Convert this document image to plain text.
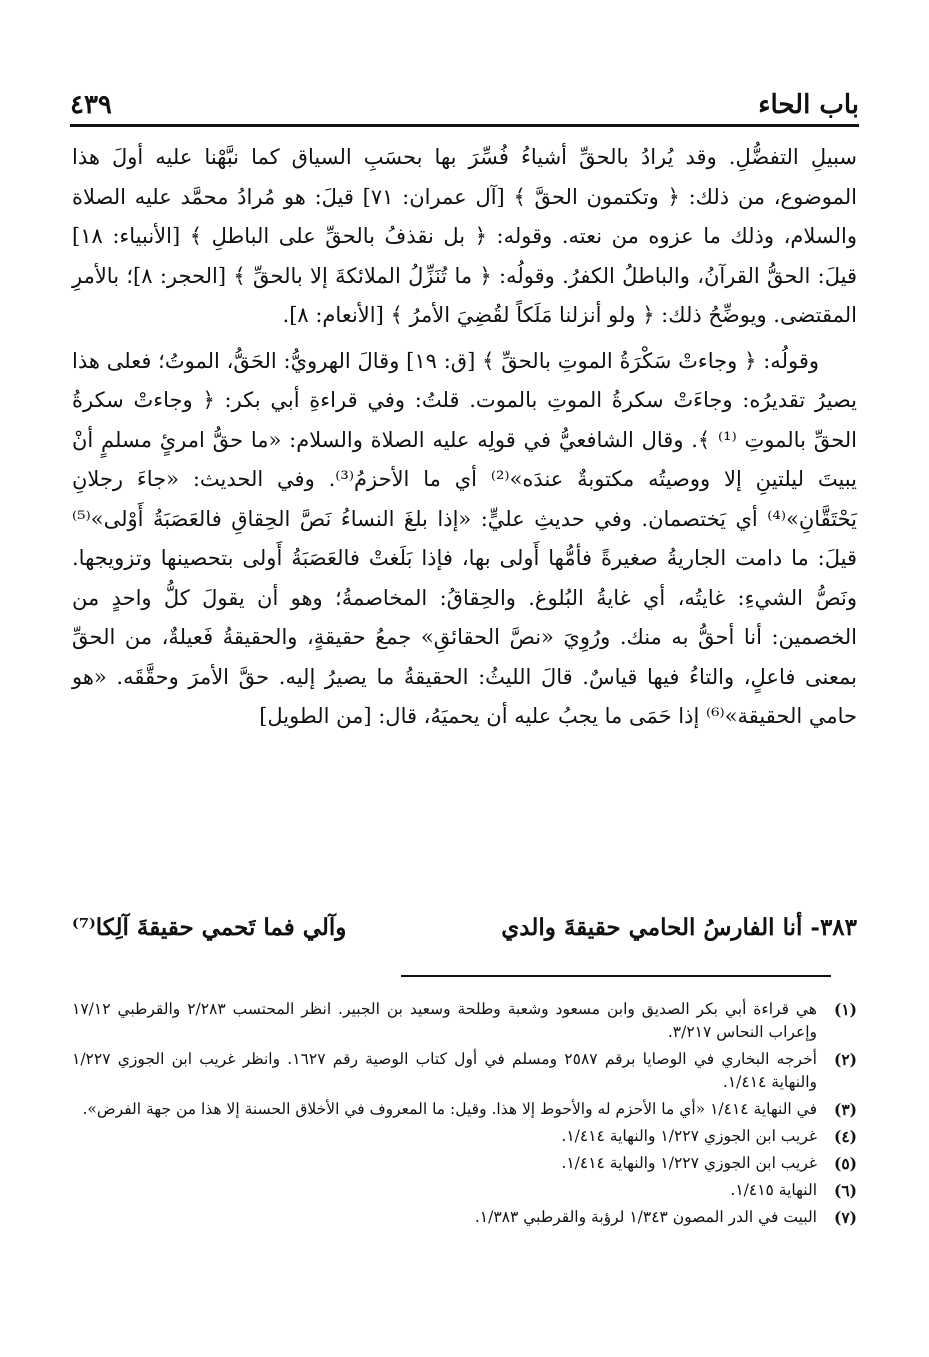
باب الحاء
٤٣٩

سبيلِ التفضُّلِ. وقد يُرادُ بالحقِّ أشياءُ فُسِّرَ بها بحسَبِ السياق كما نبَّهْنا عليه أولَ هذا الموضوع، من ذلك: ﴿ وتكتمون الحقَّ ﴾ [آل عمران: ٧١] قيلَ: هو مُرادُ محمَّد عليه الصلاة والسلام، وذلك ما عزوه من نعته. وقوله: ﴿ بل نقذفُ بالحقِّ على الباطلِ ﴾ [الأنبياء: ١٨] قيلَ: الحقُّ القرآنُ، والباطلُ الكفرُ. وقولُه: ﴿ ما تُنَزِّلُ الملائكةَ إلا بالحقِّ ﴾ [الحجر: ٨]؛ بالأمرِ المقتضى. ويوضِّحُ ذلك: ﴿ ولو أنزلنا مَلَكاً لقُضِيَ الأمرُ ﴾ [الأنعام: ٨].

وقولُه: ﴿ وجاءتْ سَكْرَةُ الموتِ بالحقِّ ﴾ [ق: ١٩] وقالَ الهرويُّ: الحَقُّ، الموتُ؛ فعلى هذا يصيرُ تقديرُه: وجاءَتْ سكرةُ الموتِ بالموت. قلتُ: وفي قراءةِ أبي بكر: ﴿ وجاءتْ سكرةُ الحقِّ بالموتِ ⁽¹⁾ ﴾. وقال الشافعيُّ في قولِه عليه الصلاة والسلام: «ما حقُّ امرئٍ مسلمٍ أنْ يبيتَ ليلتينِ إلا ووصيتُه مكتوبةٌ عندَه»⁽²⁾ أي ما الأحزمُ⁽³⁾. وفي الحديث: «جاءَ رجلانِ يَحْتَقَّانِ»⁽⁴⁾ أي يَختصمان. وفي حديثِ عليٍّ: «إذا بلغَ النساءُ نَصَّ الحِقاقِ فالعَصَبَةُ أَوْلى»⁽⁵⁾ قيلَ: ما دامت الجاريةُ صغيرةً فأمُّها أَولى بها، فإذا بَلَغتْ فالعَصَبَةُ أَولى بتحصينها وتزويجها. ونَصُّ الشيءِ: غايتُه، أي غايةُ البُلوغ. والحِقاقُ: المخاصمةُ؛ وهو أن يقولَ كلُّ واحدٍ من الخصمين: أنا أحقُّ به منك. ورُوِيَ «نصَّ الحقائقِ» جمعُ حقيقةٍ، والحقيقةُ فَعيلةٌ، من الحقِّ بمعنى فاعلٍ، والتاءُ فيها قياسٌ. قالَ الليثُ: الحقيقةُ ما يصيرُ إليه. حقَّ الأمرَ وحقَّقَه. «هو حامي الحقيقة»⁽⁶⁾ إذا حَمَى ما يجبُ عليه أن يحميَهُ، قال: [من الطويل]

٣٨٣-أنا الفارسُ الحامي حقيقةَ والدي
وآلي فما تَحمي حقيقةَ آلِكا⁽⁷⁾
(١)
هي قراءة أبي بكر الصديق وابن مسعود وشعبة وطلحة وسعيد بن الجبير. انظر المحتسب ٢/٢٨٣ والقرطبي ١٧/١٢ وإعراب النحاس ٣/٢١٧.
(٢)
أخرجه البخاري في الوصايا برقم ٢٥٨٧ ومسلم في أول كتاب الوصية رقم ١٦٢٧. وانظر غريب ابن الجوزي ١/٢٢٧ والنهاية ١/٤١٤.
(٣)
في النهاية ١/٤١٤ «أي ما الأحزم له والأحوط إلا هذا. وقيل: ما المعروف في الأخلاق الحسنة إلا هذا من جهة الفرض».
(٤)
غريب ابن الجوزي ١/٢٢٧ والنهاية ١/٤١٤.
(٥)
غريب ابن الجوزي ١/٢٢٧ والنهاية ١/٤١٤.
(٦)
النهاية ١/٤١٥.
(٧)
البيت في الدر المصون ١/٣٤٣ لرؤبة والقرطبي ١/٣٨٣.
